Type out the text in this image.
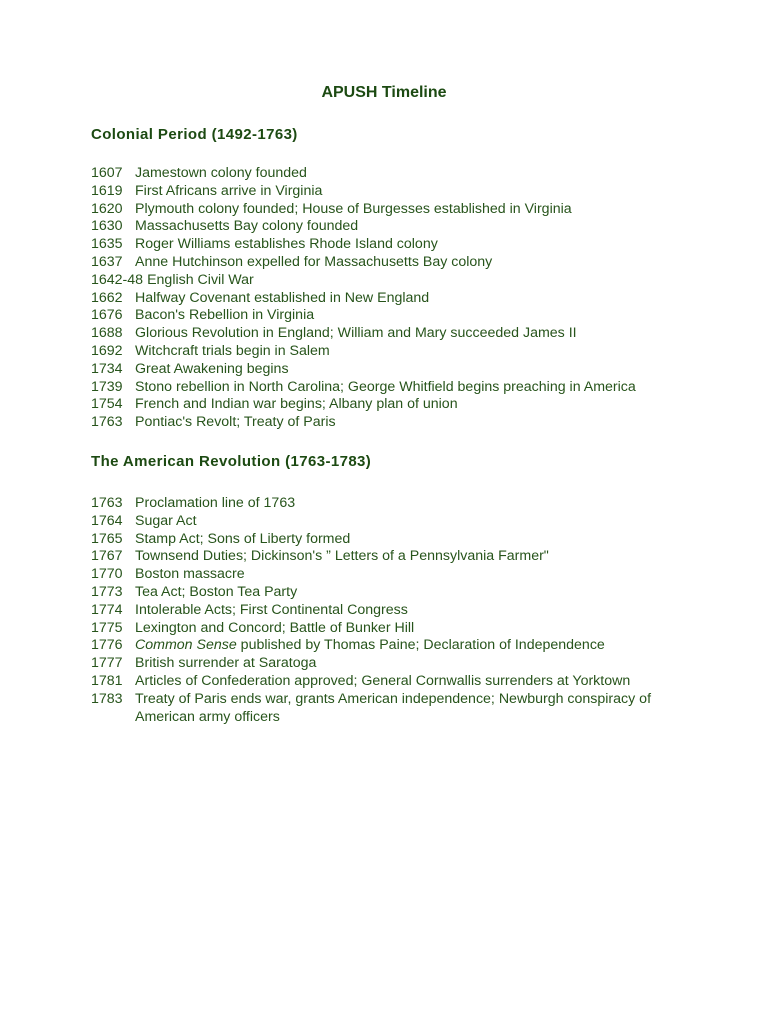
APUSH Timeline
Colonial Period (1492-1763)
1607 Jamestown colony founded
1619 First Africans arrive in Virginia
1620 Plymouth colony founded; House of Burgesses established in Virginia
1630 Massachusetts Bay colony founded
1635 Roger Williams establishes Rhode Island colony
1637 Anne Hutchinson expelled for Massachusetts Bay colony
1642-48 English Civil War
1662 Halfway Covenant established in New England
1676 Bacon's Rebellion in Virginia
1688 Glorious Revolution in England; William and Mary succeeded James II
1692 Witchcraft trials begin in Salem
1734 Great Awakening begins
1739 Stono rebellion in North Carolina; George Whitfield begins preaching in America
1754 French and Indian war begins; Albany plan of union
1763 Pontiac's Revolt; Treaty of Paris
The American Revolution (1763-1783)
1763 Proclamation line of 1763
1764 Sugar Act
1765 Stamp Act; Sons of Liberty formed
1767 Townsend Duties; Dickinson's ” Letters of a Pennsylvania Farmer"
1770 Boston massacre
1773 Tea Act; Boston Tea Party
1774 Intolerable Acts; First Continental Congress
1775 Lexington and Concord; Battle of Bunker Hill
1776 Common Sense published by Thomas Paine; Declaration of Independence
1777 British surrender at Saratoga
1781 Articles of Confederation approved; General Cornwallis surrenders at Yorktown
1783 Treaty of Paris ends war, grants American independence; Newburgh conspiracy of American army officers
